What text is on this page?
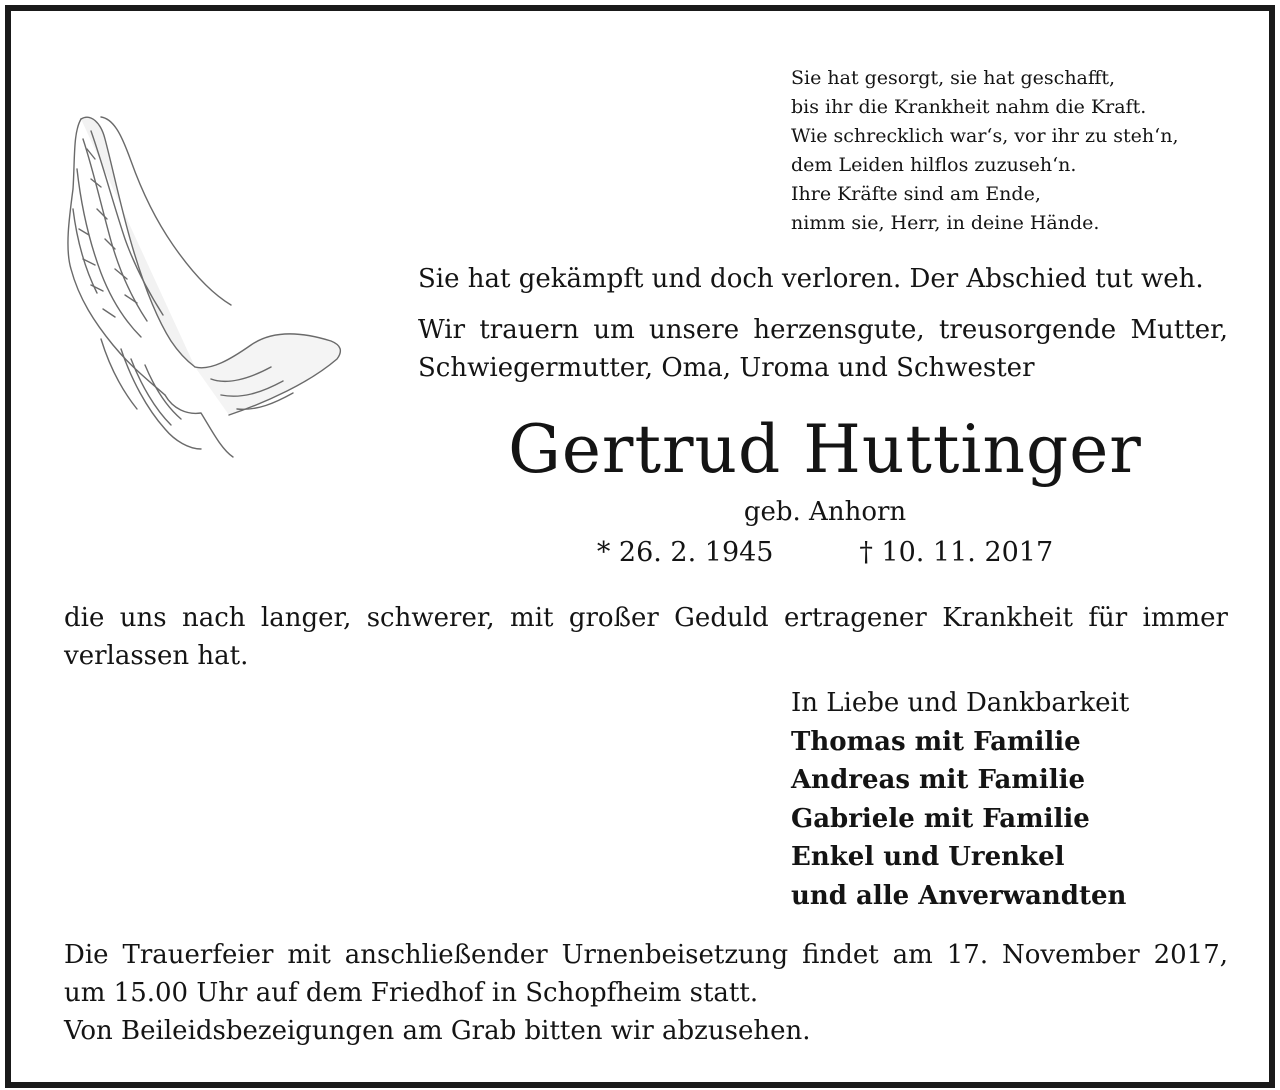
Sie hat gesorgt, sie hat geschafft,
bis ihr die Krankheit nahm die Kraft.
Wie schrecklich war‘s, vor ihr zu steh‘n,
dem Leiden hilflos zuzuseh‘n.
Ihre Kräfte sind am Ende,
nimm sie, Herr, in deine Hände.
Sie hat gekämpft und doch verloren. Der Abschied tut weh.
Wir trauern um unsere herzensgute, treusorgende Mutter, Schwiegermutter, Oma, Uroma und Schwester
Gertrud Huttinger
geb. Anhorn
* 26. 2. 1945	† 10. 11. 2017
die uns nach langer, schwerer, mit großer Geduld ertragener Krankheit für immer verlassen hat.
In Liebe und Dankbarkeit
Thomas mit Familie
Andreas mit Familie
Gabriele mit Familie
Enkel und Urenkel
und alle Anverwandten
Die Trauerfeier mit anschließender Urnenbeisetzung findet am 17. November 2017,
um 15.00 Uhr auf dem Friedhof in Schopfheim statt.
Von Beileidsbezeigungen am Grab bitten wir abzusehen.
